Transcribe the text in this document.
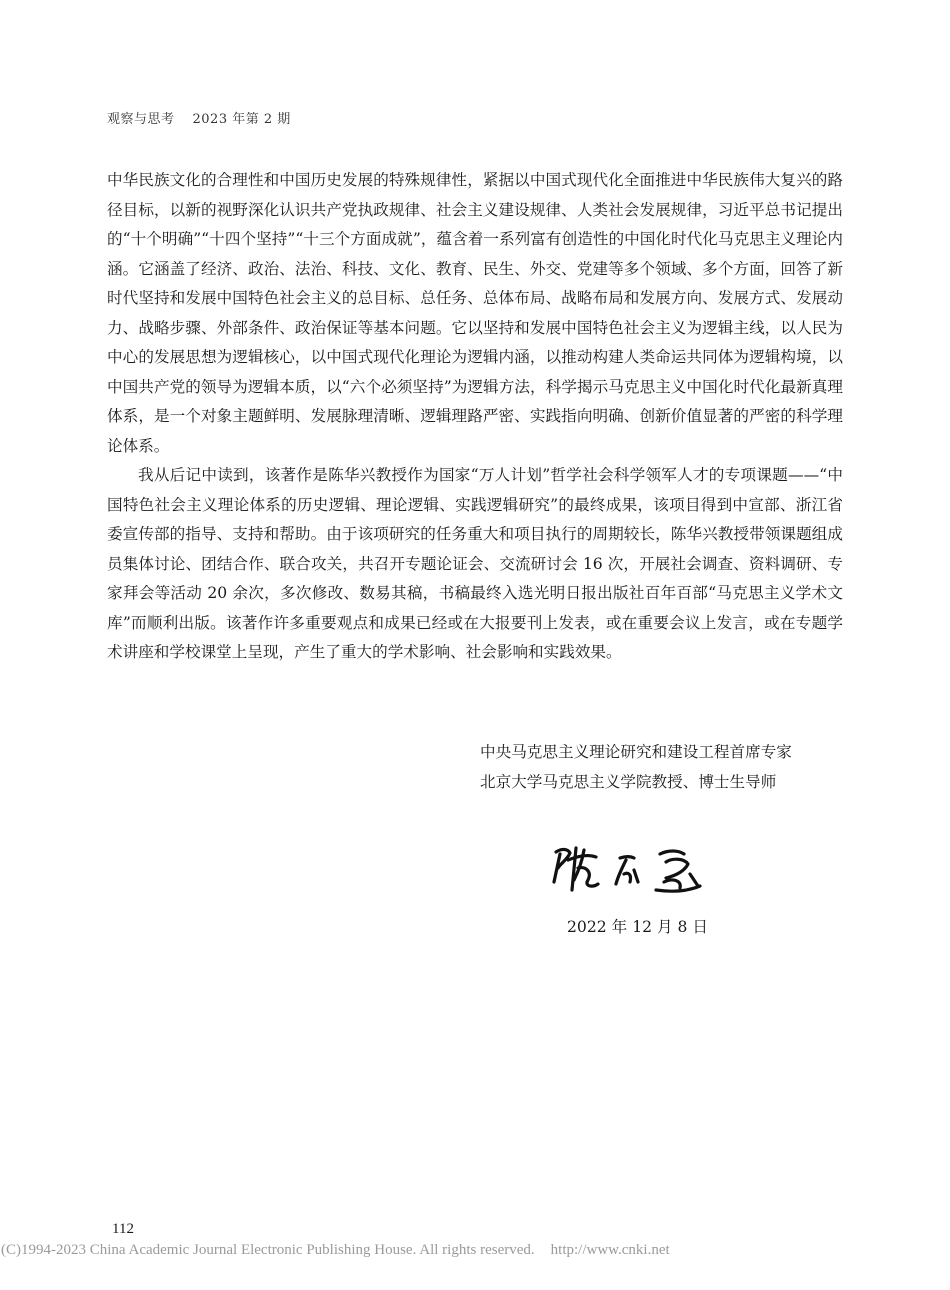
观察与思考 2023 年第 2 期

中华民族文化的合理性和中国历史发展的特殊规律性，紧据以中国式现代化全面推进中华民族伟大复兴的路径目标，以新的视野深化认识共产党执政规律、社会主义建设规律、人类社会发展规律，习近平总书记提出的“十个明确”“十四个坚持”“十三个方面成就”，蕴含着一系列富有创造性的中国化时代化马克思主义理论内涵。它涵盖了经济、政治、法治、科技、文化、教育、民生、外交、党建等多个领域、多个方面，回答了新时代坚持和发展中国特色社会主义的总目标、总任务、总体布局、战略布局和发展方向、发展方式、发展动力、战略步骤、外部条件、政治保证等基本问题。它以坚持和发展中国特色社会主义为逻辑主线，以人民为中心的发展思想为逻辑核心，以中国式现代化理论为逻辑内涵，以推动构建人类命运共同体为逻辑构境，以中国共产党的领导为逻辑本质，以“六个必须坚持”为逻辑方法，科学揭示马克思主义中国化时代化最新真理体系，是一个对象主题鲜明、发展脉理清晰、逻辑理路严密、实践指向明确、创新价值显著的严密的科学理论体系。

我从后记中读到，该著作是陈华兴教授作为国家“万人计划”哲学社会科学领军人才的专项课题——“中国特色社会主义理论体系的历史逻辑、理论逻辑、实践逻辑研究”的最终成果，该项目得到中宣部、浙江省委宣传部的指导、支持和帮助。由于该项研究的任务重大和项目执行的周期较长，陈华兴教授带领课题组成员集体讨论、团结合作、联合攻关，共召开专题论证会、交流研讨会 16 次，开展社会调查、资料调研、专家拜会等活动 20 余次，多次修改、数易其稿，书稿最终入选光明日报出版社百年百部“马克思主义学术文库”而顺利出版。该著作许多重要观点和成果已经或在大报要刊上发表，或在重要会议上发言，或在专题学术讲座和学校课堂上呈现，产生了重大的学术影响、社会影响和实践效果。

中央马克思主义理论研究和建设工程首席专家
北京大学马克思主义学院教授、博士生导师
2022 年 12 月 8 日
112
(C)1994-2023 China Academic Journal Electronic Publishing House. All rights reserved. http://www.cnki.net
